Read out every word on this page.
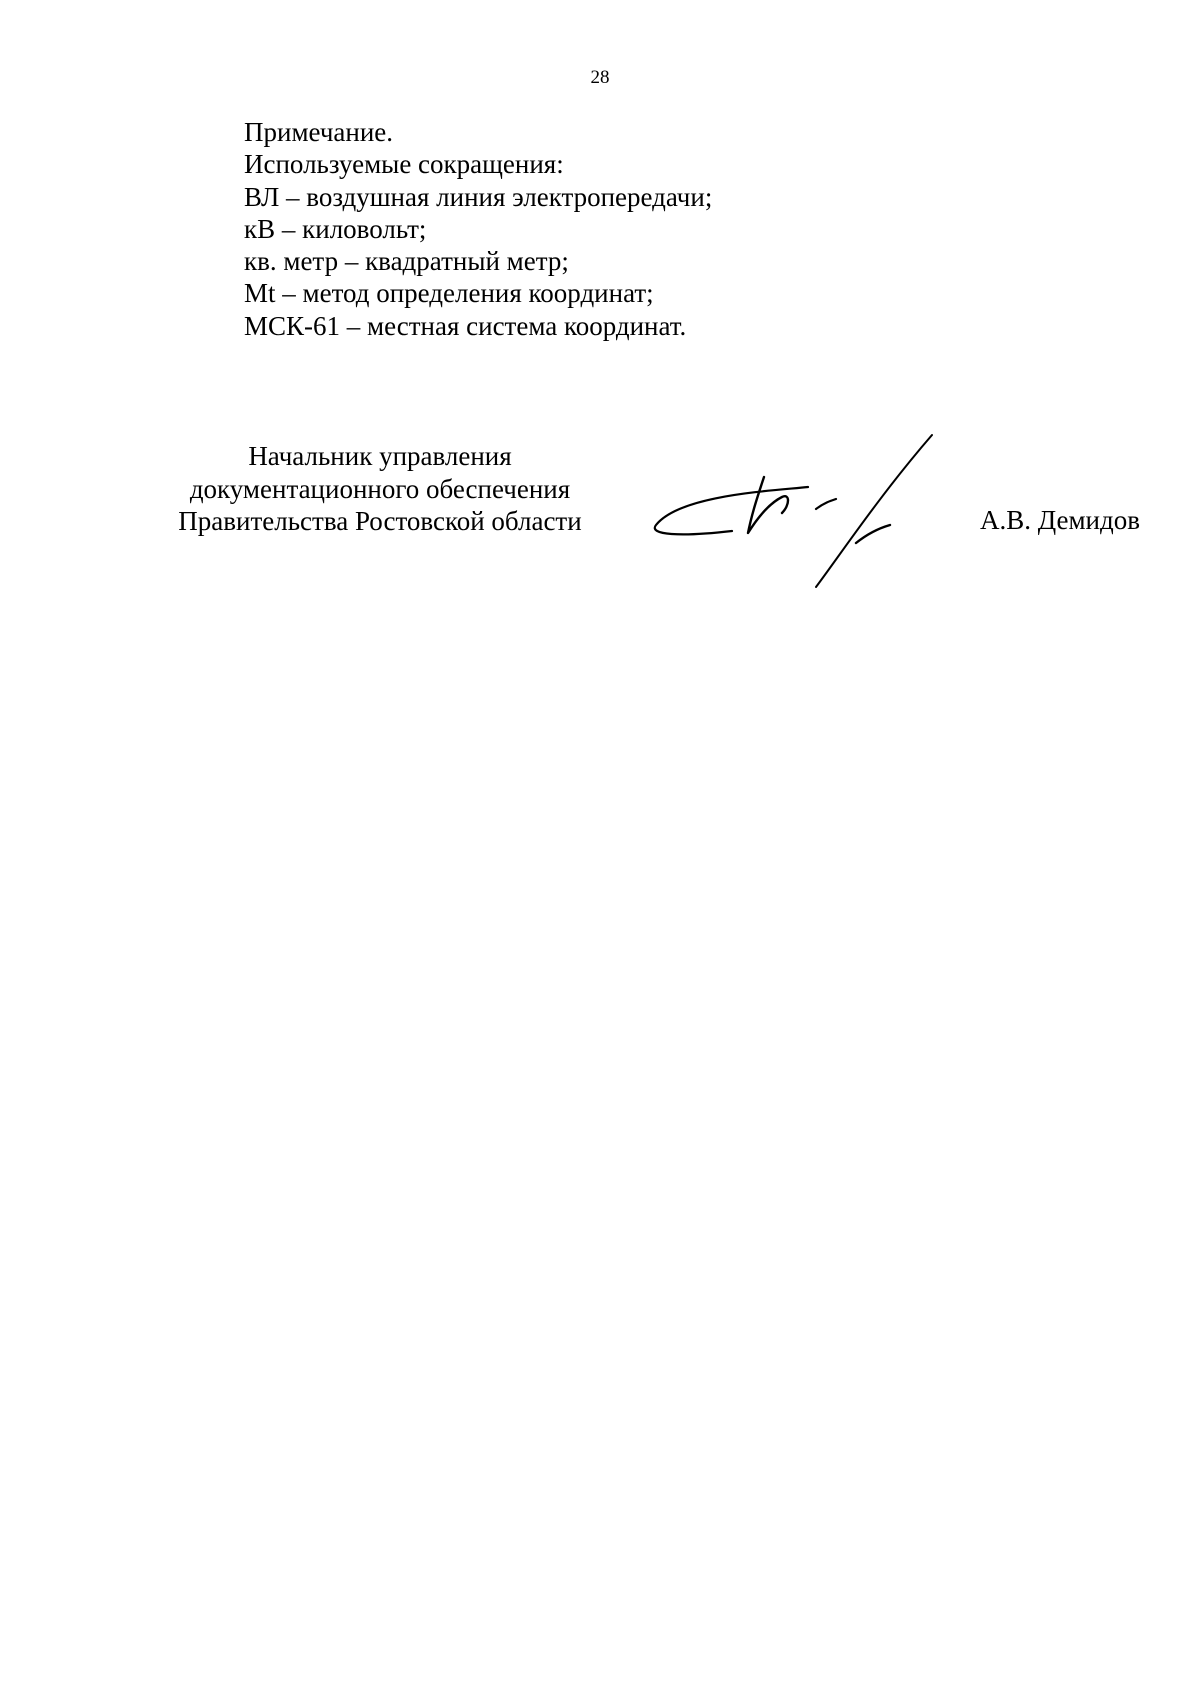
28
Примечание.
Используемые сокращения:
ВЛ – воздушная линия электропередачи;
кВ – киловольт;
кв. метр – квадратный метр;
Mt – метод определения координат;
МСК-61 – местная система координат.
Начальник управления
документационного обеспечения
Правительства Ростовской области	А.В. Демидов
